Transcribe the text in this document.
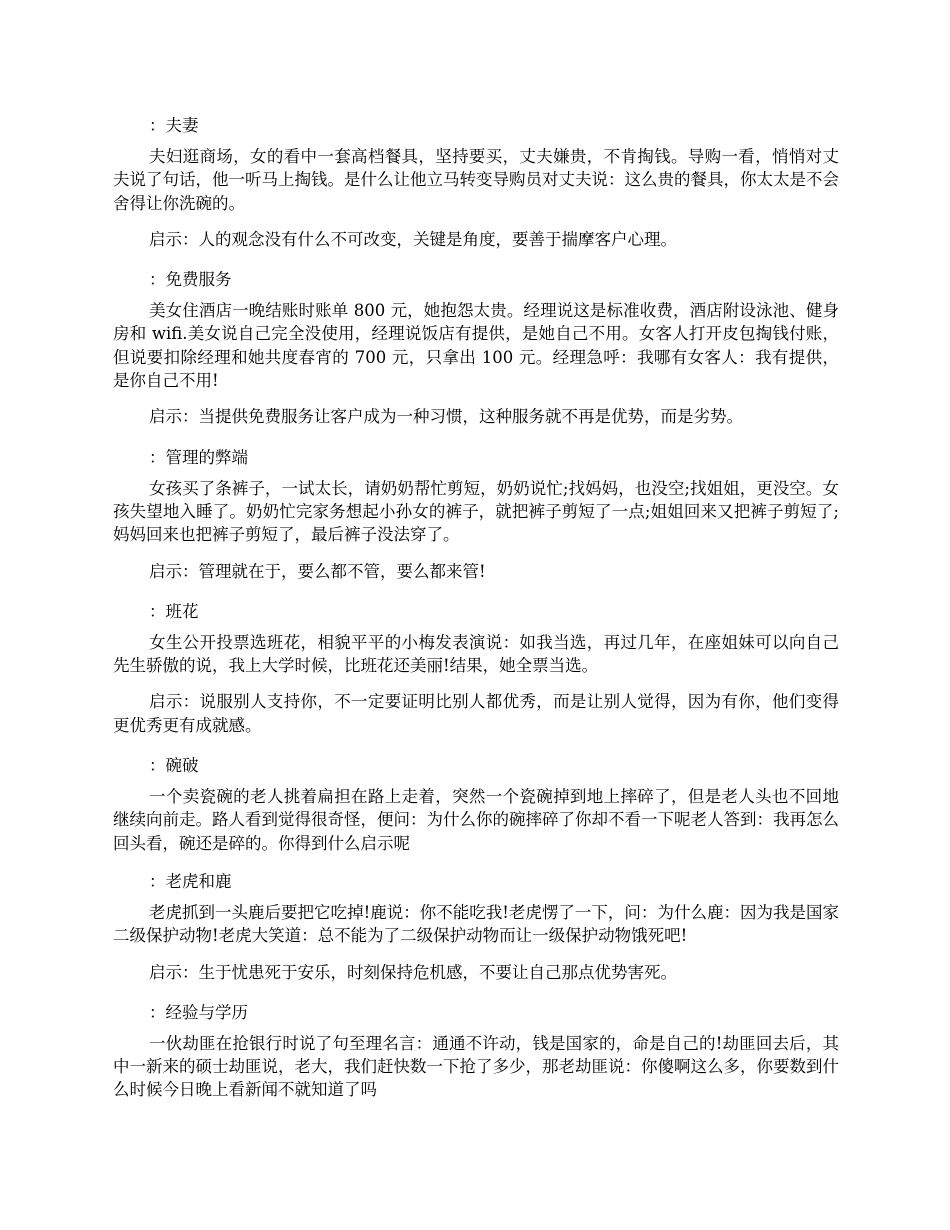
：夫妻

夫妇逛商场，女的看中一套高档餐具，坚持要买，丈夫嫌贵，不肯掏钱。导购一看，悄悄对丈夫说了句话，他一听马上掏钱。是什么让他立马转变导购员对丈夫说：这么贵的餐具，你太太是不会舍得让你洗碗的。

启示：人的观念没有什么不可改变，关键是角度，要善于揣摩客户心理。

：免费服务

美女住酒店一晚结账时账单 800 元，她抱怨太贵。经理说这是标准收费，酒店附设泳池、健身房和 wifi.美女说自己完全没使用，经理说饭店有提供，是她自己不用。女客人打开皮包掏钱付账，但说要扣除经理和她共度春宵的 700 元，只拿出 100 元。经理急呼：我哪有女客人：我有提供，是你自己不用!

启示：当提供免费服务让客户成为一种习惯，这种服务就不再是优势，而是劣势。

：管理的弊端

女孩买了条裤子，一试太长，请奶奶帮忙剪短，奶奶说忙;找妈妈，也没空;找姐姐，更没空。女孩失望地入睡了。奶奶忙完家务想起小孙女的裤子，就把裤子剪短了一点;姐姐回来又把裤子剪短了;妈妈回来也把裤子剪短了，最后裤子没法穿了。

启示：管理就在于，要么都不管，要么都来管!

：班花

女生公开投票选班花，相貌平平的小梅发表演说：如我当选，再过几年，在座姐妹可以向自己先生骄傲的说，我上大学时候，比班花还美丽!结果，她全票当选。

启示：说服别人支持你，不一定要证明比别人都优秀，而是让别人觉得，因为有你，他们变得更优秀更有成就感。

：碗破

一个卖瓷碗的老人挑着扁担在路上走着，突然一个瓷碗掉到地上摔碎了，但是老人头也不回地继续向前走。路人看到觉得很奇怪，便问：为什么你的碗摔碎了你却不看一下呢老人答到：我再怎么回头看，碗还是碎的。你得到什么启示呢

：老虎和鹿

老虎抓到一头鹿后要把它吃掉!鹿说：你不能吃我!老虎愣了一下，问：为什么鹿：因为我是国家二级保护动物!老虎大笑道：总不能为了二级保护动物而让一级保护动物饿死吧!

启示：生于忧患死于安乐，时刻保持危机感，不要让自己那点优势害死。

：经验与学历

一伙劫匪在抢银行时说了句至理名言：通通不许动，钱是国家的，命是自己的!劫匪回去后，其中一新来的硕士劫匪说，老大，我们赶快数一下抢了多少，那老劫匪说：你傻啊这么多，你要数到什么时候今日晚上看新闻不就知道了吗
